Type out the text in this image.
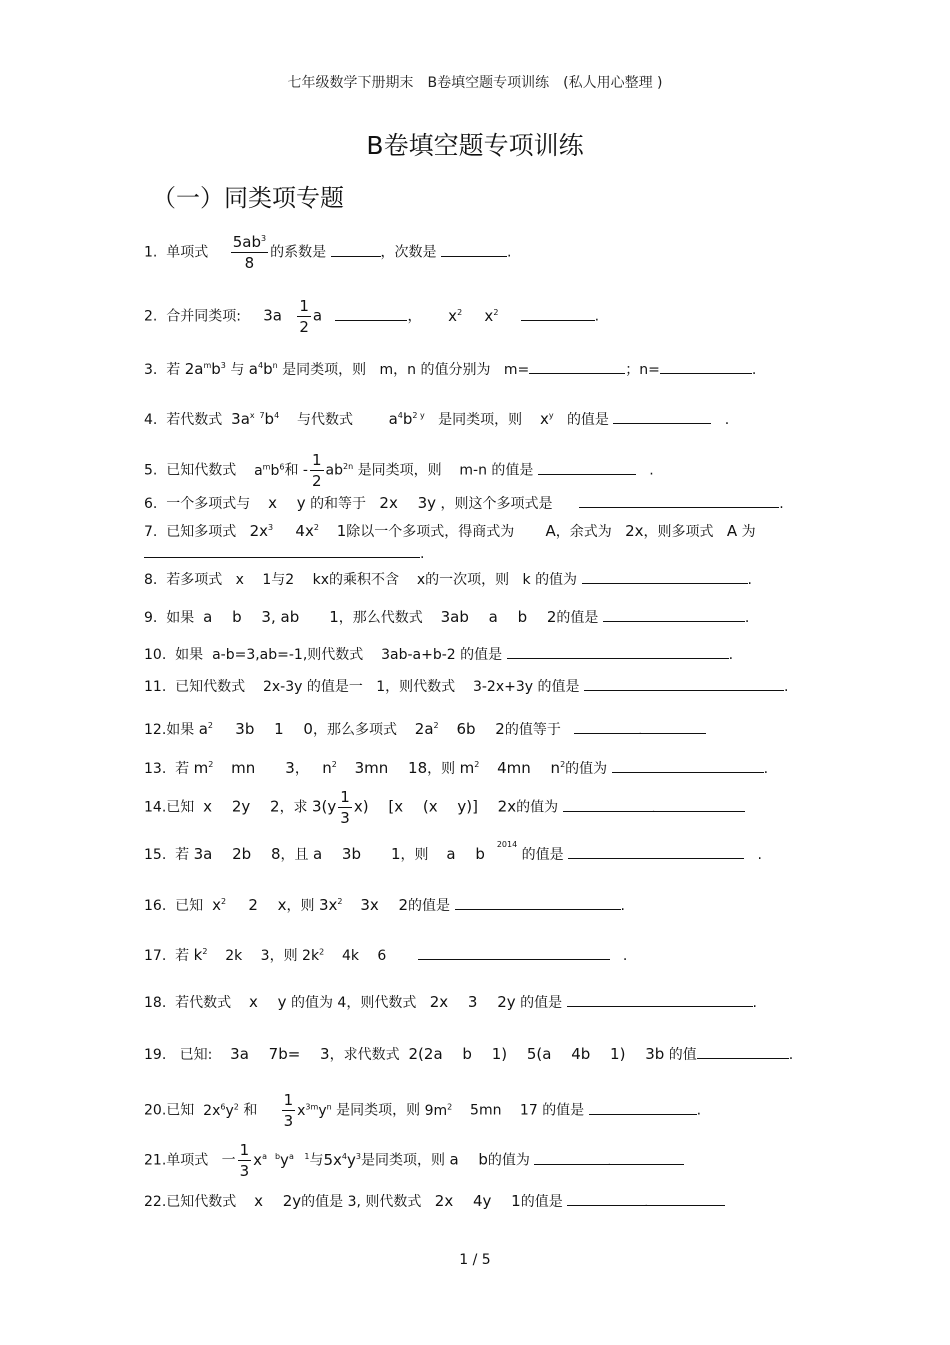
七年级数学下册期末　B卷填空题专项训练　(私人用心整理 )
B卷填空题专项训练
（一）同类项专题
1. 单项式 $\frac{5ab^3}{8}$ 的系数是	，次数是	.
2. 合并同类项: $3a \frac{1}{2}$ a	， $x^2$ $x^2$	.
3. 若 $2a^mb^3$ 与 $a^4b^n$ 是同类项，则 m，n 的值分别为 m=	；n=	.
4. 若代数式 $3a^x$ $^7b^4$ 与代数式 $a^4b^{2 y}$ 是同类项，则 $x^y$ 的值是	.
5. 已知代数式 $a^mb^6$和 - $\frac{1}{2} ab^{2n}$ 是同类项，则 m-n 的值是	.
6. 一个多项式与 x　 y 的和等于 2x　 3y ，则这个多项式是	.
7. 已知多项式 $2x^3$ $4x^2$ 1除以一个多项式，得商式为 A，余式为 2x，则多项式 A 为
.
8. 若多项式 x　 1与2　 kx的乘积不含 x的一次项，则 k 的值为	.
9. 如果 a　 b　 3, ab　　1，那么代数式 3ab　 a　 b　 2的值是	.
10. 如果 a-b=3,ab=-1,则代数式 3ab-a+b-2 的值是	.
11. 已知代数式 2x-3y 的值是一 1，则代数式 3-2x+3y 的值是	.
12.如果 $a^2$ 3b　 1　 0，那么多项式 $2a^2$ 6b　 2的值等于	.
13. 若 $m^2$ mn　　3， $n^2$ 3mn　 18，则 $m^2$ 4mn　 $n^2$的值为	.
14.已知 x　 2y　 2，求 $3(y \frac{1}{3} x)$　 [x　 (x　 y)]　 2x的值为	.
15. 若 3a　 2b　 8，且 a　 3b　　1，则 a　 $b^{2014}$ 的值是	.
16. 已知 $x^2$ 2　 x，则 $3x^2$ 3x　 2的值是	.
17. 若 $k^2$ 2k　 3，则 $2k^2$ 4k　 6	.
18. 若代数式 x　 y 的值为 4，则代数式 2x　 3　 2y 的值是	.
19. 已知: 3a　 7b=　 3，求代数式 2(2a　 b　 1)　 5(a　 4b　 1)　 3b 的值	.
20.已知 $2x^6y^2$ 和 $\frac{1}{3} x^{3m}y^n$ 是同类项，则 $9m^2$ 5mn　 17 的值是	.
21.单项式 一 $\frac{1}{3} x^{a b}y^{a 1}$与$5x^4y^3$是同类项，则 a　 b的值为	.
22.已知代数式 x　 2y的值是 3, 则代数式 2x　 4y　 1的值是	.
1 / 5
